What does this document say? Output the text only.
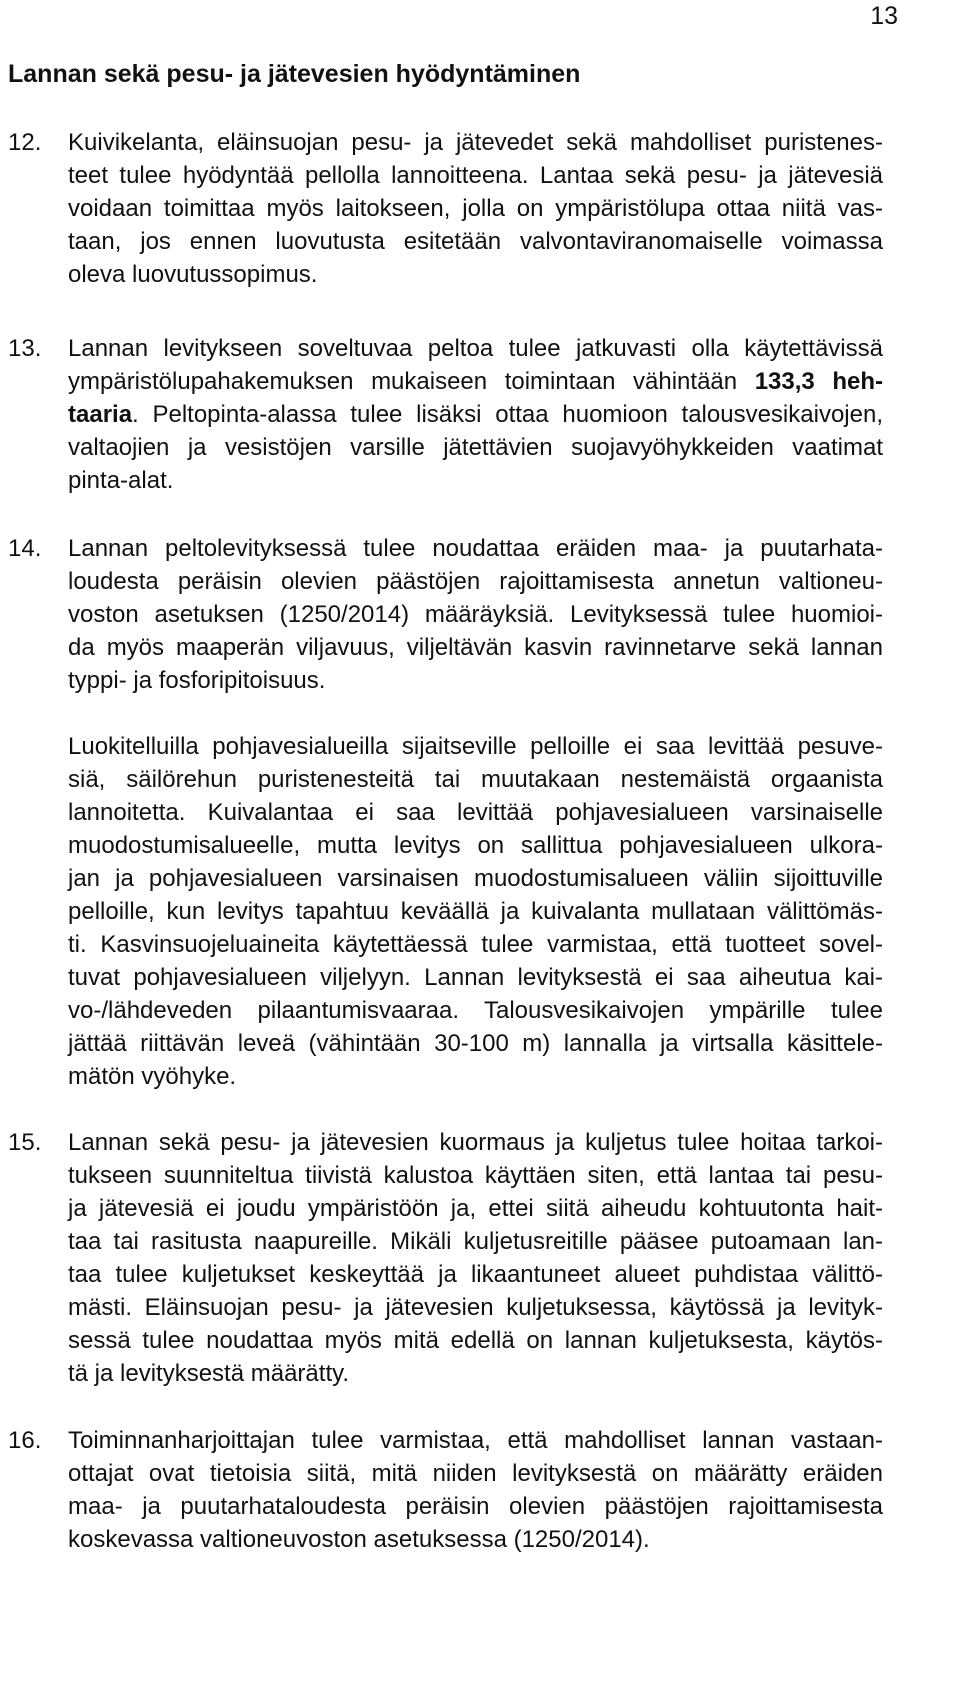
13
Lannan sekä pesu- ja jätevesien hyödyntäminen
12.	Kuivikelanta, eläinsuojan pesu- ja jätevedet sekä mahdolliset puristenes-
teet tulee hyödyntää pellolla lannoitteena. Lantaa sekä pesu- ja jätevesiä
voidaan toimittaa myös laitokseen, jolla on ympäristölupa ottaa niitä vas-
taan, jos ennen luovutusta esitetään valvontaviranomaiselle voimassa
oleva luovutussopimus.
13.	Lannan levitykseen soveltuvaa peltoa tulee jatkuvasti olla käytettävissä
ympäristölupahakemuksen mukaiseen toimintaan vähintään 133,3 heh-
taaria. Peltopinta-alassa tulee lisäksi ottaa huomioon talousvesikaivojen,
valtaojien ja vesistöjen varsille jätettävien suojavyöhykkeiden vaatimat
pinta-alat.
14.	Lannan peltolevityksessä tulee noudattaa eräiden maa- ja puutarhata-
loudesta peräisin olevien päästöjen rajoittamisesta annetun valtioneu-
voston asetuksen (1250/2014) määräyksiä. Levityksessä tulee huomioi-
da myös maaperän viljavuus, viljeltävän kasvin ravinnetarve sekä lannan
typpi- ja fosforipitoisuus.
Luokitelluilla pohjavesialueilla sijaitseville pelloille ei saa levittää pesuve-
siä, säilörehun puristenesteitä tai muutakaan nestemäistä orgaanista
lannoitetta. Kuivalantaa ei saa levittää pohjavesialueen varsinaiselle
muodostumisalueelle, mutta levitys on sallittua pohjavesialueen ulkora-
jan ja pohjavesialueen varsinaisen muodostumisalueen väliin sijoittuville
pelloille, kun levitys tapahtuu keväällä ja kuivalanta mullataan välittömäs-
ti. Kasvinsuojeluaineita käytettäessä tulee varmistaa, että tuotteet sovel-
tuvat pohjavesialueen viljelyyn. Lannan levityksestä ei saa aiheutua kai-
vo-/lähdeveden pilaantumisvaaraa. Talousvesikaivojen ympärille tulee
jättää riittävän leveä (vähintään 30-100 m) lannalla ja virtsalla käsittele-
mätön vyöhyke.
15.	Lannan sekä pesu- ja jätevesien kuormaus ja kuljetus tulee hoitaa tarkoi-
tukseen suunniteltua tiivistä kalustoa käyttäen siten, että lantaa tai pesu-
ja jätevesiä ei joudu ympäristöön ja, ettei siitä aiheudu kohtuutonta hait-
taa tai rasitusta naapureille. Mikäli kuljetusreitille pääsee putoamaan lan-
taa tulee kuljetukset keskeyttää ja likaantuneet alueet puhdistaa välittö-
mästi. Eläinsuojan pesu- ja jätevesien kuljetuksessa, käytössä ja levityk-
sessä tulee noudattaa myös mitä edellä on lannan kuljetuksesta, käytös-
tä ja levityksestä määrätty.
16.	Toiminnanharjoittajan tulee varmistaa, että mahdolliset lannan vastaan-
ottajat ovat tietoisia siitä, mitä niiden levityksestä on määrätty eräiden
maa- ja puutarhataloudesta peräisin olevien päästöjen rajoittamisesta
koskevassa valtioneuvoston asetuksessa (1250/2014).
